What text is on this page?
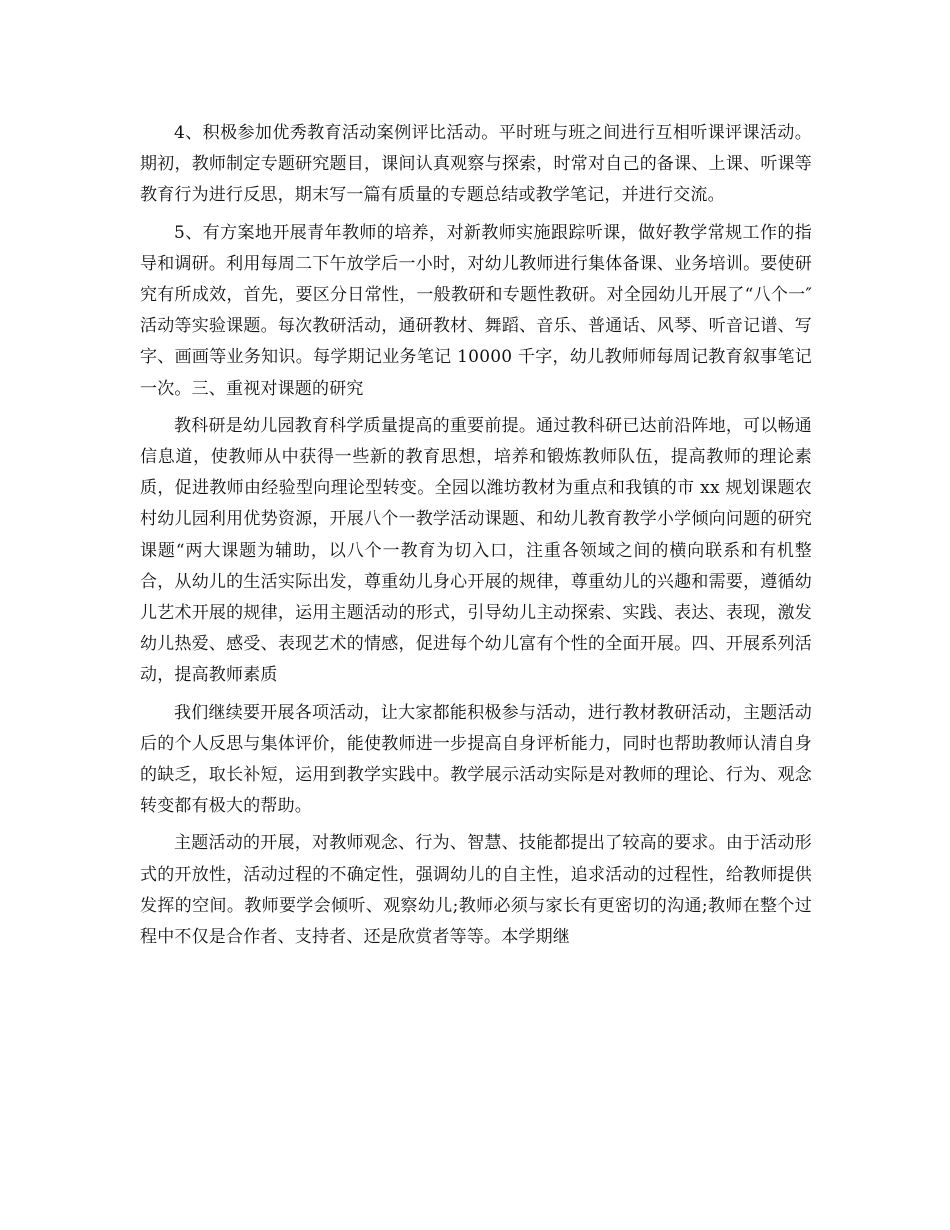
4、积极参加优秀教育活动案例评比活动。平时班与班之间进行互相听课评课活动。期初，教师制定专题研究题目，课间认真观察与探索，时常对自己的备课、上课、听课等教育行为进行反思，期末写一篇有质量的专题总结或教学笔记，并进行交流。

5、有方案地开展青年教师的培养，对新教师实施跟踪听课，做好教学常规工作的指导和调研。利用每周二下午放学后一小时，对幼儿教师进行集体备课、业务培训。要使研究有所成效，首先，要区分日常性，一般教研和专题性教研。对全园幼儿开展了“八个一″ 活动等实验课题。每次教研活动，通研教材、舞蹈、音乐、普通话、风琴、听音记谱、写字、画画等业务知识。每学期记业务笔记 10000 千字，幼儿教师师每周记教育叙事笔记一次。三、重视对课题的研究

教科研是幼儿园教育科学质量提高的重要前提。通过教科研已达前沿阵地，可以畅通信息道，使教师从中获得一些新的教育思想，培养和锻炼教师队伍，提高教师的理论素质，促进教师由经验型向理论型转变。全园以潍坊教材为重点和我镇的市 xx 规划课题农村幼儿园利用优势资源，开展八个一教学活动课题、和幼儿教育教学小学倾向问题的研究课题“两大课题为辅助，以八个一教育为切入口，注重各领域之间的横向联系和有机整合，从幼儿的生活实际出发，尊重幼儿身心开展的规律，尊重幼儿的兴趣和需要，遵循幼儿艺术开展的规律，运用主题活动的形式，引导幼儿主动探索、实践、表达、表现，激发幼儿热爱、感受、表现艺术的情感，促进每个幼儿富有个性的全面开展。四、开展系列活动，提高教师素质

我们继续要开展各项活动，让大家都能积极参与活动，进行教材教研活动，主题活动后的个人反思与集体评价，能使教师进一步提高自身评析能力，同时也帮助教师认清自身的缺乏，取长补短，运用到教学实践中。教学展示活动实际是对教师的理论、行为、观念转变都有极大的帮助。

主题活动的开展，对教师观念、行为、智慧、技能都提出了较高的要求。由于活动形式的开放性，活动过程的不确定性，强调幼儿的自主性，追求活动的过程性，给教师提供发挥的空间。教师要学会倾听、观察幼儿;教师必须与家长有更密切的沟通;教师在整个过程中不仅是合作者、支持者、还是欣赏者等等。本学期继
